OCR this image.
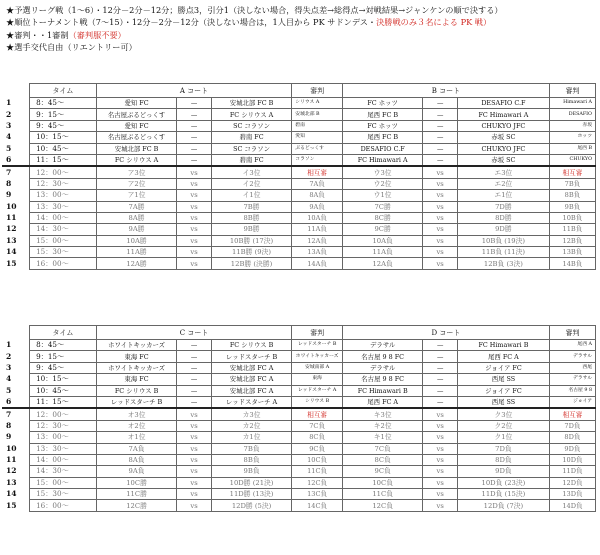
★予選リーグ戦（1～6）・12分－2分－12分；勝点3，引分1（決しない場合，得失点差→総得点→対戦結果→ジャンケンの順で決する）
★順位トーナメント戦（7～15）・12分－2分－12分（決しない場合は，1人目から PK サドンデス・決勝戦のみ３名による PK 戦）
★審判・・1審制（審判服不要）
★選手交代自由（リエントリー可）
	タイム	A コート			審判	B コート			審判
1	8：45～	愛知 FC	—	安城北部 FC B	シリウス A	FC ホッツ	—	DESAFIO C.F	Himawari A
2	9：15～	名古屋ぶるどっくす	—	FC シリウス A	安城北部 B	尾西 FC B	—	FC Himawari A	DESAFIO
3	9：45～	愛知 FC	—	SC コラソン	碧南	FC ホッツ	—	CHUKYO JFC	赤坂
4	10：15～	名古屋ぶるどっくす	—	碧南 FC	愛知	尾西 FC B	—	赤坂 SC	ホッツ
5	10：45～	安城北部 FC B	—	SC コラソン	ぶるどっくす	DESAFIO C.F	—	CHUKYO JFC	尾西 B
6	11：15～	FC シリウス A	—	碧南 FC	コラソン	FC Himawari A	—	赤坂 SC	CHUKYO
7	12：00～	ア3位	vs	イ3位	相互審	ウ3位	vs	エ3位	相互審
8	12：30～	ア2位	vs	イ2位	7A負	ウ2位	vs	エ2位	7B負
9	13：00～	ア1位	vs	イ1位	8A負	ウ1位	vs	エ1位	8B負
10	13：30～	7A勝	vs	7B勝	9A負	7C勝	vs	7D勝	9B負
11	14：00～	8A勝	vs	8B勝	10A負	8C勝	vs	8D勝	10B負
12	14：30～	9A勝	vs	9B勝	11A負	9C勝	vs	9D勝	11B負
13	15：00～	10A勝	vs	10B勝 (17決)	12A負	10A負	vs	10B負 (19決)	12B負
14	15：30～	11A勝	vs	11B勝 (9決)	13A負	11A負	vs	11B負 (11決)	13B負
15	16：00～	12A勝	vs	12B勝 (決勝)	14A負	12A負	vs	12B負 (3決)	14B負
	タイム	C コート			審判	D コート			審判
1	8：45～	ホワイトキッカーズ	—	FC シリウス B	レッドスターチ B	デラサル	—	FC Himawari B	尾西 A
2	9：15～	東海 FC	—	レッドスターチ B	ホワイトキッカーズ	名古屋 9 8 FC	—	尾西 FC A	デラサル
3	9：45～	ホワイトキッカーズ	—	安城北部 FC A	安城南部 A	デラサル	—	ジョイア FC	西尾
4	10：15～	東海 FC	—	安城北部 FC A	東海	名古屋 9 8 FC	—	西尾 SS	デラサル
5	10：45～	FC シリウス B	—	安城北部 FC A	レッドスターチ A	FC Himawari B	—	ジョイア FC	名古屋 9 8
6	11：15～	レッドスターチ B	—	レッドスターチ A	シリウス B	尾西 FC A	—	西尾 SS	ジョイア
7	12：00～	オ3位	vs	カ3位	相互審	キ3位	vs	ク3位	相互審
8	12：30～	オ2位	vs	カ2位	7C負	キ2位	vs	ク2位	7D負
9	13：00～	オ1位	vs	カ1位	8C負	キ1位	vs	ク1位	8D負
10	13：30～	7A負	vs	7B負	9C負	7C負	vs	7D負	9D負
11	14：00～	8A負	vs	8B負	10C負	8C負	vs	8D負	10D負
12	14：30～	9A負	vs	9B負	11C負	9C負	vs	9D負	11D負
13	15：00～	10C勝	vs	10D勝 (21決)	12C負	10C負	vs	10D負 (23決)	12D負
14	15：30～	11C勝	vs	11D勝 (13決)	13C負	11C負	vs	11D負 (15決)	13D負
15	16：00～	12C勝	vs	12D勝 (5決)	14C負	12C負	vs	12D負 (7決)	14D負
